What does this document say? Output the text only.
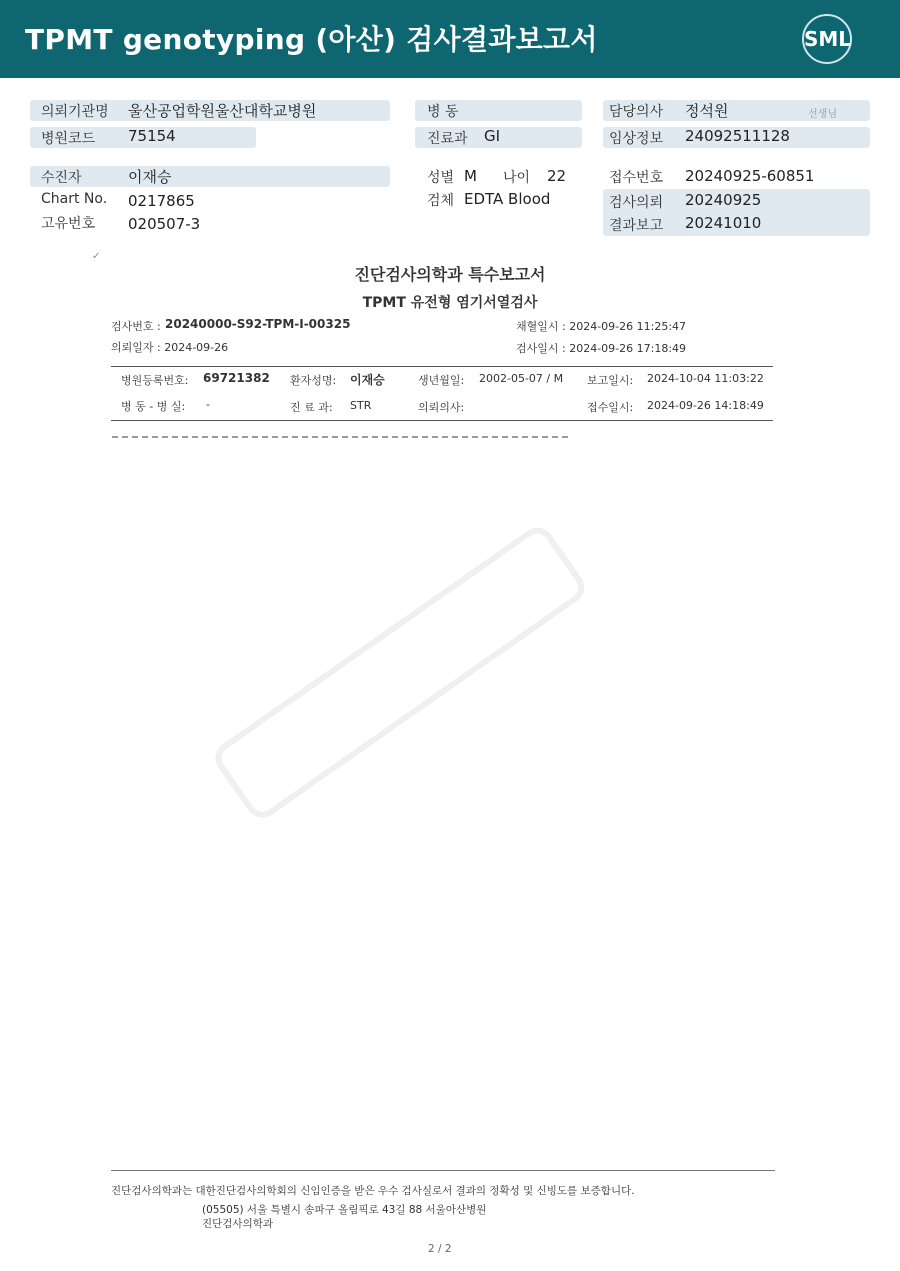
TPMT genotyping (아산) 검사결과보고서	SML
의뢰기관명 울산공업학원울산대학교병원
병원코드 75154
수진자	이재승
Chart No. 0217865
고유번호 020507-3
병 동
진료과 GI
성별 M 나이 22
검체 EDTA Blood
담당의사 정석원	선생님
임상정보 24092511128
접수번호 20240925-60851
검사의뢰 20240925
결과보고 20241010
✓
진단검사의학과 특수보고서
TPMT 유전형 염기서열검사
검사번호 : 20240000-S92-TPM-I-00325
의뢰일자 : 2024-09-26
채혈일시 : 2024-09-26 11:25:47
검사일시 : 2024-09-26 17:18:49
병원등록번호: 69721382 환자성명: 이재승	생년월일: 2002-05-07 / M 보고일시: 2024-10-04 11:03:22
병 동 - 병 실: -	진 료 과: STR	의뢰의사:	접수일시: 2024-09-26 14:18:49
진단검사의학과는 대한진단검사의학회의 신임인증을 받은 우수 검사실로서 결과의 정확성 및 신빙도를 보증합니다.
(05505) 서울 특별시 송파구 올림픽로 43길 88 서울아산병원
진단검사의학과
2 / 2
